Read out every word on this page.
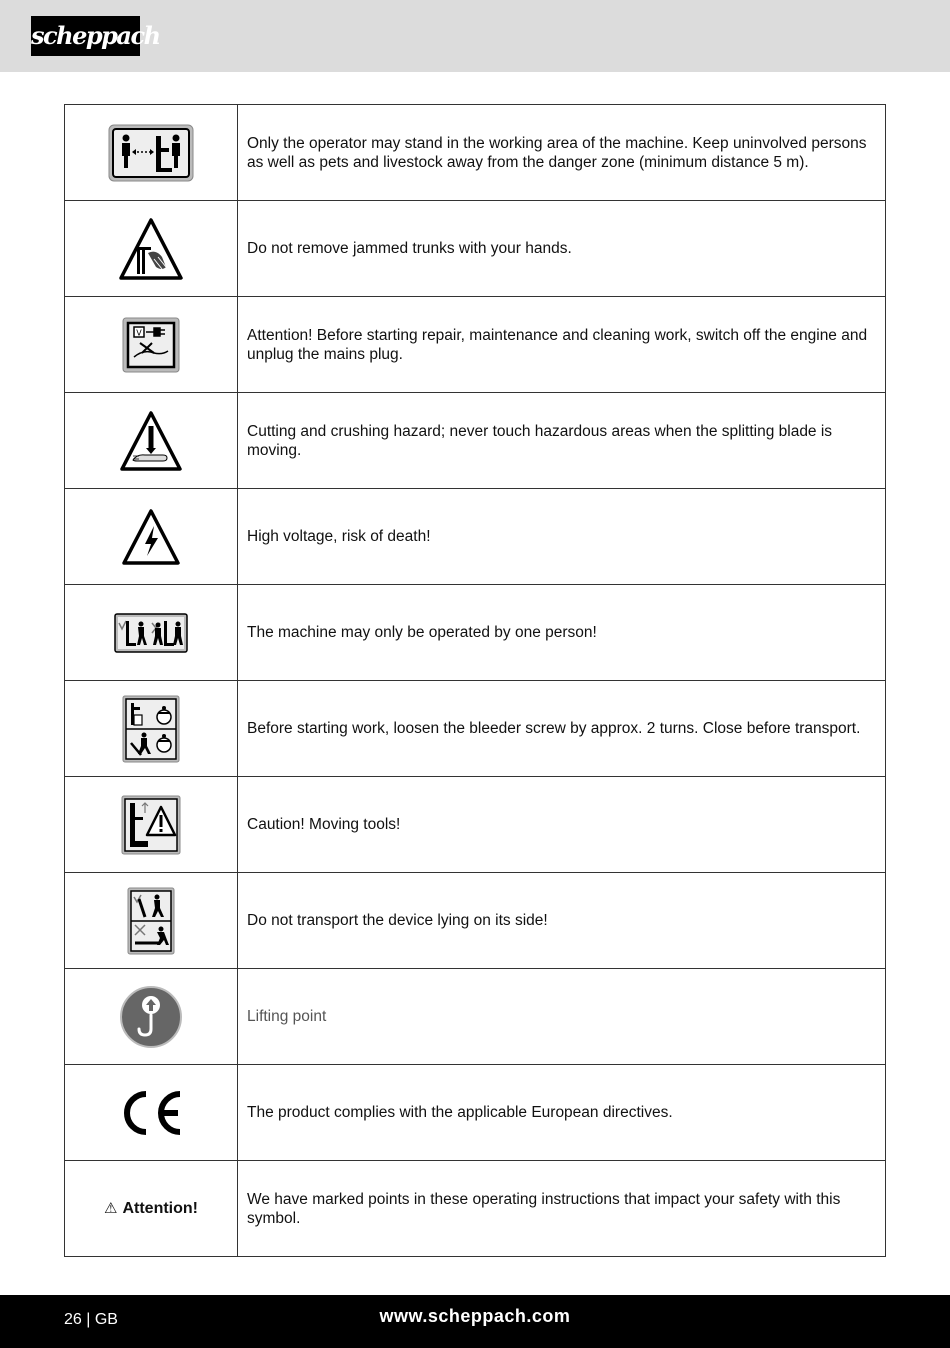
scheppach
	Only the operator may stand in the working area of the machine. Keep uninvolved persons as well as pets and livestock away from the danger zone (minimum distance 5 m).
	Do not remove jammed trunks with your hands.

V	Attention! Before starting repair, maintenance and cleaning work, switch off the engine and unplug the mains plug.
	Cutting and crushing hazard; never touch hazardous areas when the splitting blade is moving.
	High voltage, risk of death!
	The machine may only be operated by one person!
	Before starting work, loosen the bleeder screw by approx. 2 turns. Close before transport.
	Caution! Moving tools!
	Do not transport the device lying on its side!
	Lifting point
	The product complies with the applicable European directives.
⚠ Attention!	We have marked points in these operating instructions that impact your safety with this symbol.
26 | GB	www.scheppach.com
